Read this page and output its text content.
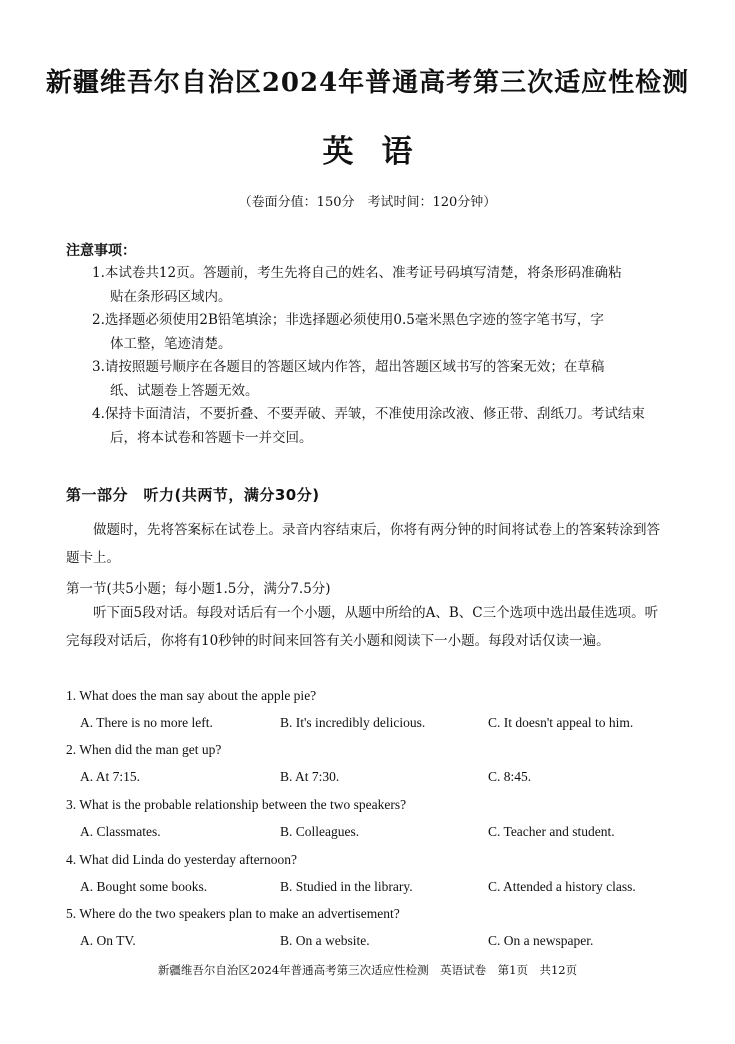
新疆维吾尔自治区2024年普通高考第三次适应性检测
英语
（卷面分值：150分　考试时间：120分钟）
注意事项：
1.本试卷共12页。答题前，考生先将自己的姓名、准考证号码填写清楚，将条形码准确粘
贴在条形码区域内。
2.选择题必须使用2B铅笔填涂；非选择题必须使用0.5毫米黑色字迹的签字笔书写，字
体工整，笔迹清楚。
3.请按照题号顺序在各题目的答题区域内作答，超出答题区域书写的答案无效；在草稿
纸、试题卷上答题无效。
4.保持卡面清洁，不要折叠、不要弄破、弄皱，不准使用涂改液、修正带、刮纸刀。考试结束
后，将本试卷和答题卡一并交回。
第一部分　听力(共两节，满分30分)
做题时，先将答案标在试卷上。录音内容结束后，你将有两分钟的时间将试卷上的答案转涂到答题卡上。
第一节(共5小题；每小题1.5分，满分7.5分)
听下面5段对话。每段对话后有一个小题，从题中所给的A、B、C三个选项中选出最佳选项。听完每段对话后，你将有10秒钟的时间来回答有关小题和阅读下一小题。每段对话仅读一遍。
1. What does the man say about the apple pie?
A. There is no more left.	B. It's incredibly delicious.	C. It doesn't appeal to him.
2. When did the man get up?
A. At 7:15.	B. At 7:30.	C. 8:45.
3. What is the probable relationship between the two speakers?
A. Classmates.	B. Colleagues.	C. Teacher and student.
4. What did Linda do yesterday afternoon?
A. Bought some books.	B. Studied in the library.	C. Attended a history class.
5. Where do the two speakers plan to make an advertisement?
A. On TV.	B. On a website.	C. On a newspaper.
新疆维吾尔自治区2024年普通高考第三次适应性检测　英语试卷　第1页　共12页
